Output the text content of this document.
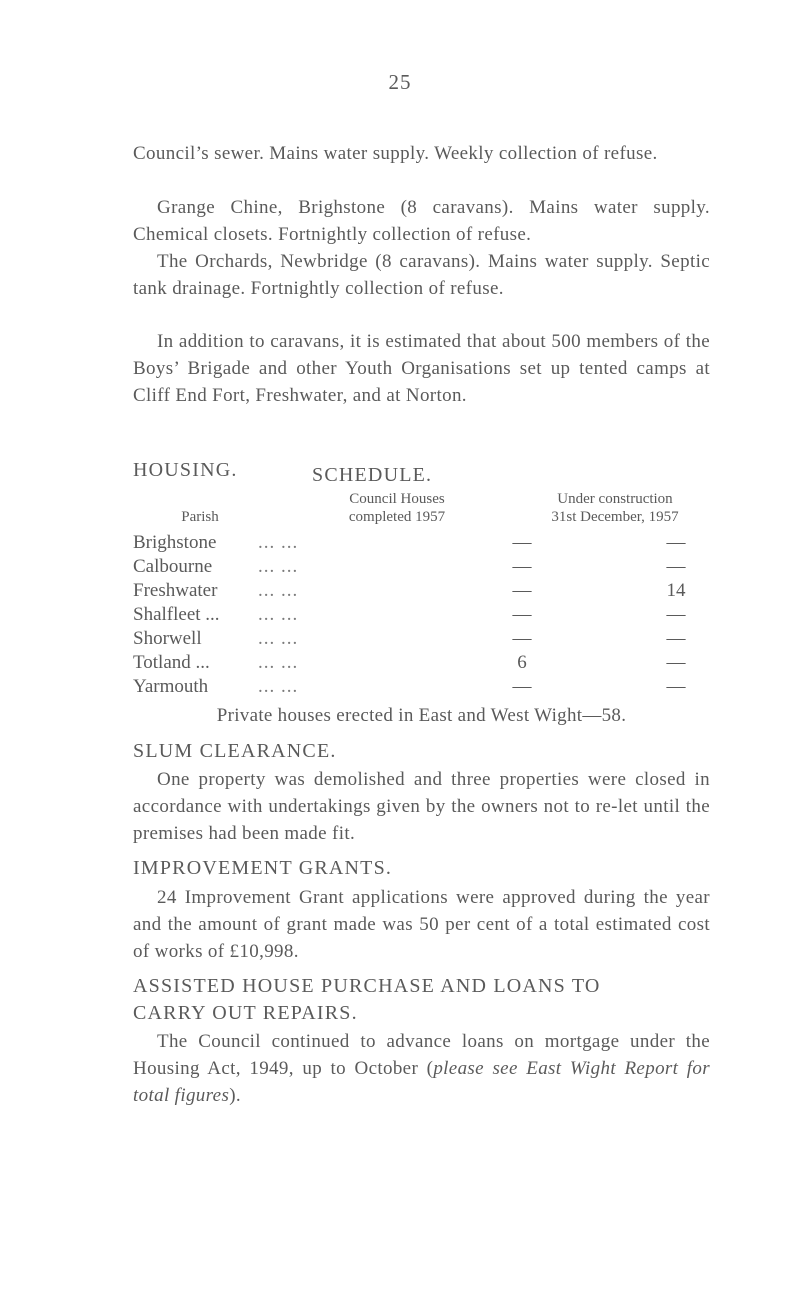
25
Council’s sewer. Mains water supply. Weekly collection of refuse.
Grange Chine, Brighstone (8 caravans). Mains water supply. Chemical closets. Fortnightly collection of refuse.
The Orchards, Newbridge (8 caravans). Mains water supply. Septic tank drainage. Fortnightly collection of refuse.
In addition to caravans, it is estimated that about 500 members of the Boys’ Brigade and other Youth Organisations set up tented camps at Cliff End Fort, Freshwater, and at Norton.
HOUSING.	SCHEDULE.
Council Houses
completed 1957
Under construction
31st December, 1957
Parish
Brighstone ... ...	—	—
Calbourne ... ...	—	—
Freshwater ... ...	—	14
Shalfleet ... ... ...	—	—
Shorwell	... ...	—	—
Totland ...	... ...	6	—
Yarmouth	... ...	—	—
Private houses erected in East and West Wight—58.
SLUM CLEARANCE.
One property was demolished and three properties were closed in accordance with undertakings given by the owners not to re-let until the premises had been made fit.
IMPROVEMENT GRANTS.
24 Improvement Grant applications were approved during the year and the amount of grant made was 50 per cent of a total estimated cost of works of £10,998.
ASSISTED HOUSE PURCHASE AND LOANS TO
CARRY OUT REPAIRS.
The Council continued to advance loans on mortgage under the Housing Act, 1949, up to October (please see East Wight Report for total figures).
